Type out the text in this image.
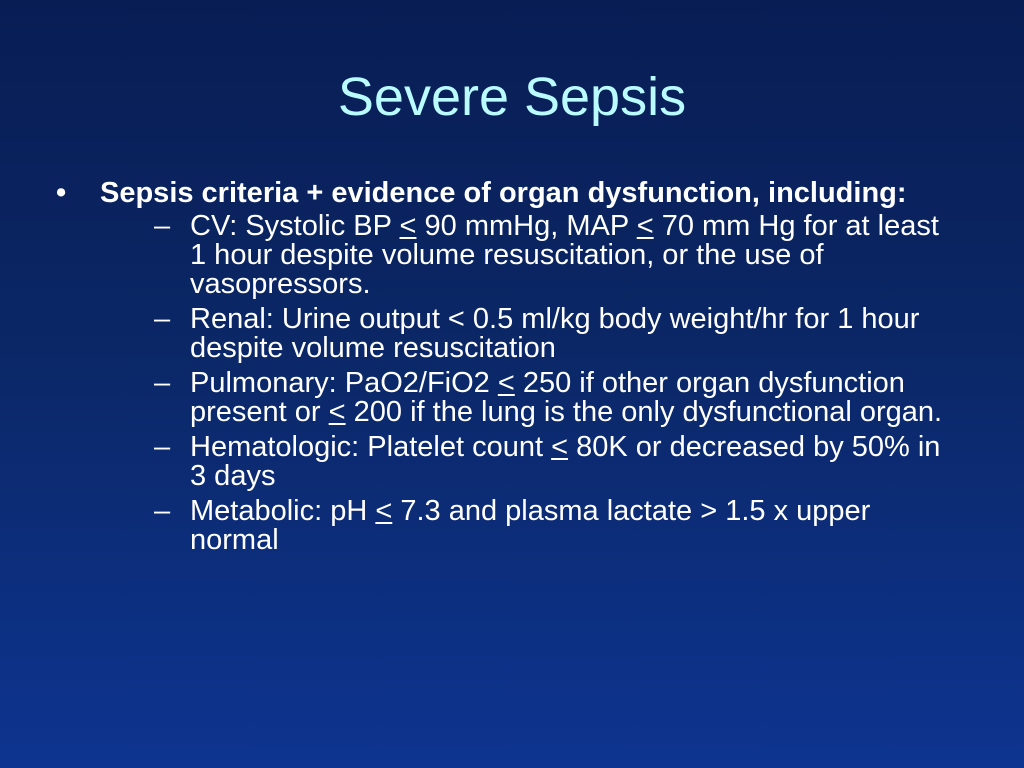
Severe Sepsis
• Sepsis criteria + evidence of organ dysfunction, including:
– CV: Systolic BP ≤ 90 mmHg, MAP ≤ 70 mm Hg for at least 1 hour despite volume resuscitation, or the use of vasopressors.
– Renal: Urine output < 0.5 ml/kg body weight/hr for 1 hour despite volume resuscitation
– Pulmonary: PaO2/FiO2 ≤ 250 if other organ dysfunction present or ≤ 200 if the lung is the only dysfunctional organ.
– Hematologic: Platelet count ≤ 80K or decreased by 50% in 3 days
– Metabolic: pH ≤ 7.3 and plasma lactate > 1.5 x upper normal
